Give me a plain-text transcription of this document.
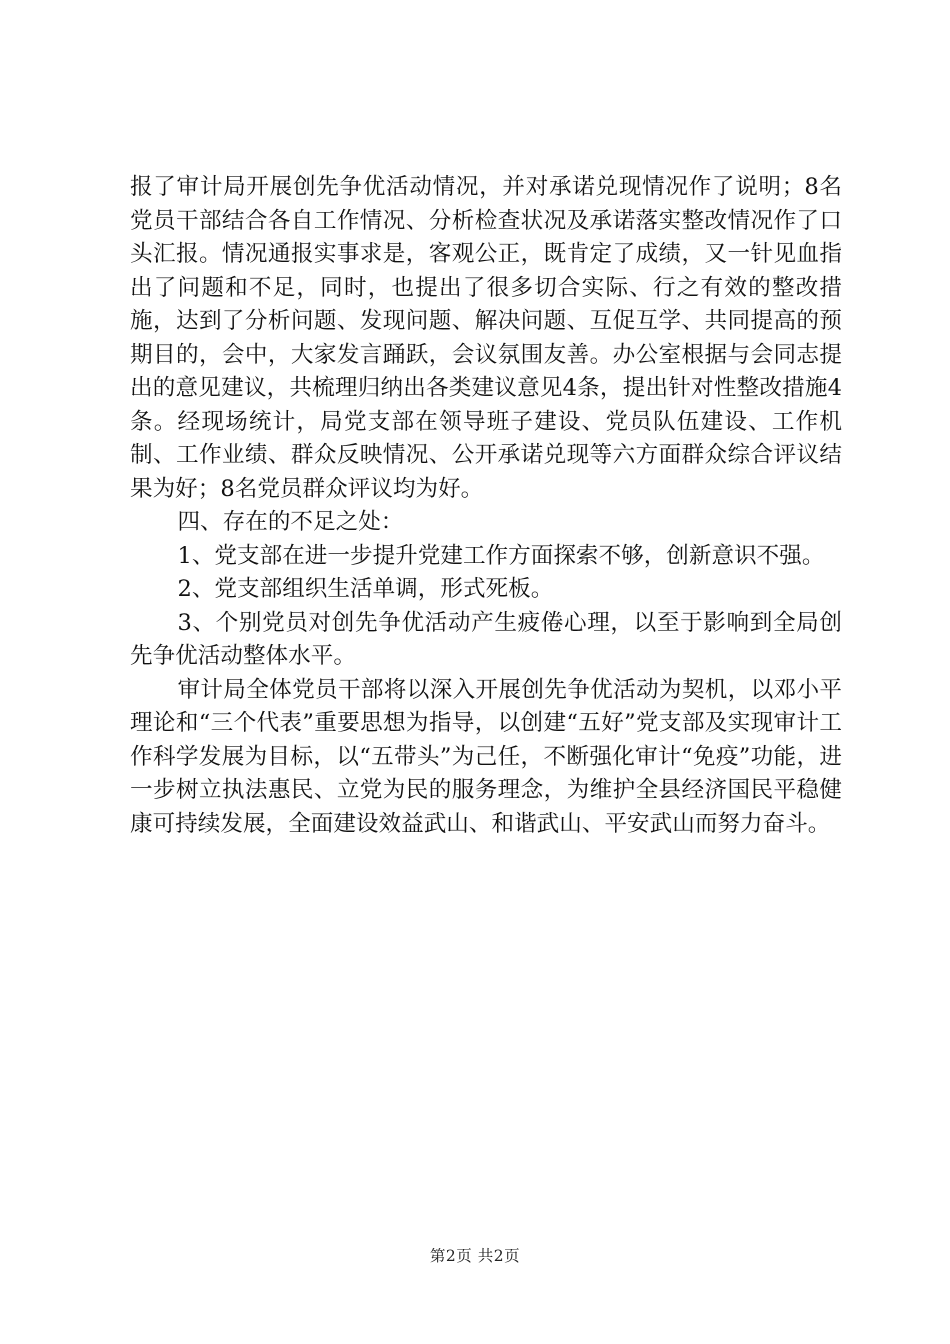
报了审计局开展创先争优活动情况，并对承诺兑现情况作了说明；8名党员干部结合各自工作情况、分析检查状况及承诺落实整改情况作了口头汇报。情况通报实事求是，客观公正，既肯定了成绩，又一针见血指出了问题和不足，同时，也提出了很多切合实际、行之有效的整改措施，达到了分析问题、发现问题、解决问题、互促互学、共同提高的预期目的，会中，大家发言踊跃，会议氛围友善。办公室根据与会同志提出的意见建议，共梳理归纳出各类建议意见4条，提出针对性整改措施4条。经现场统计，局党支部在领导班子建设、党员队伍建设、工作机制、工作业绩、群众反映情况、公开承诺兑现等六方面群众综合评议结果为好；8名党员群众评议均为好。

四、存在的不足之处：

1、党支部在进一步提升党建工作方面探索不够，创新意识不强。

2、党支部组织生活单调，形式死板。

3、个别党员对创先争优活动产生疲倦心理，以至于影响到全局创先争优活动整体水平。

审计局全体党员干部将以深入开展创先争优活动为契机，以邓小平理论和“三个代表”重要思想为指导，以创建“五好”党支部及实现审计工作科学发展为目标，以“五带头”为己任，不断强化审计“免疫”功能，进一步树立执法惠民、立党为民的服务理念，为维护全县经济国民平稳健康可持续发展，全面建设效益武山、和谐武山、平安武山而努力奋斗。

第2页 共2页
